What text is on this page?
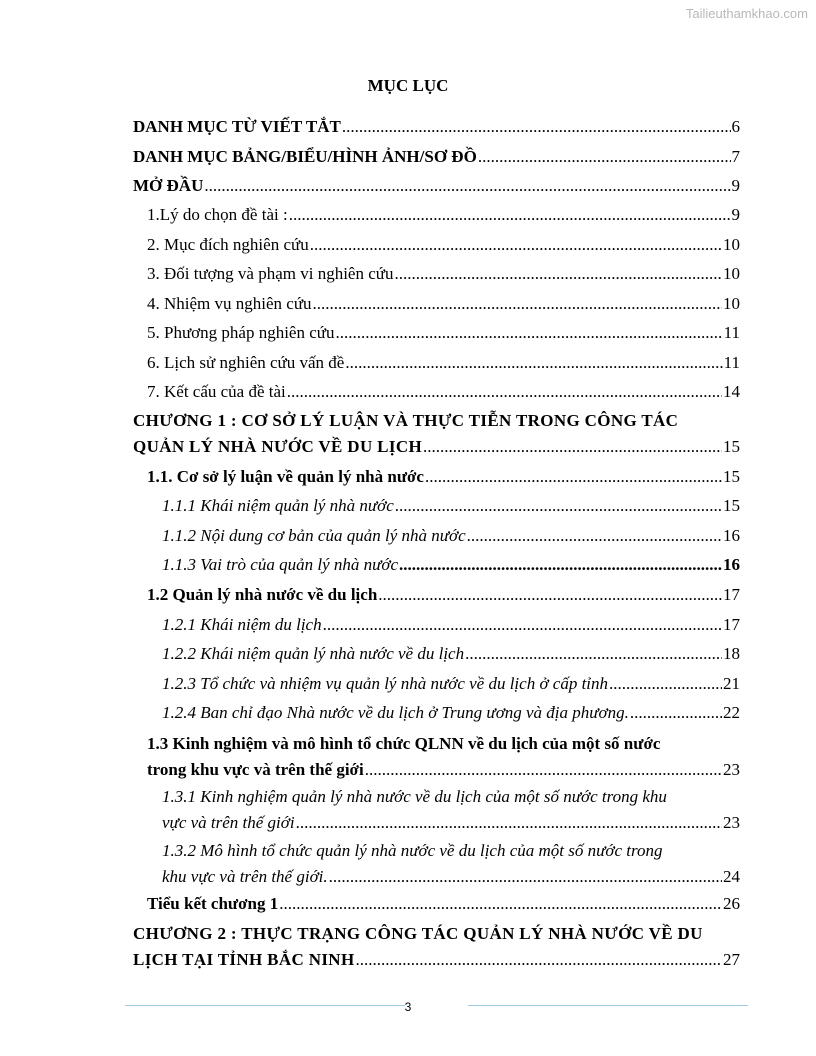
Tailieuthamkhao.com
MỤC LỤC
DANH MỤC TỪ VIẾT TẮT .....	6
DANH MỤC BẢNG/BIỂU/HÌNH ẢNH/SƠ ĐỒ .....	7
MỞ ĐẦU .....	9
1.Lý do chọn đề tài : .....	9
2. Mục đích nghiên cứu .....	10
3. Đối tượng và phạm vi nghiên cứu .....	10
4. Nhiệm vụ nghiên cứu .....	10
5. Phương pháp nghiên cứu .....	11
6. Lịch sử nghiên cứu vấn đề .....	11
7. Kết cấu của đề tài .....	14
CHƯƠNG 1 : CƠ SỞ LÝ LUẬN VÀ THỰC TIỄN TRONG CÔNG TÁC
QUẢN LÝ NHÀ NƯỚC VỀ DU LỊCH .....	15
1.1. Cơ sở lý luận về quản lý nhà nước .....	15
1.1.1 Khái niệm quản lý nhà nước .....	15
1.1.2 Nội dung cơ bản của quản lý nhà nước .....	16
1.1.3 Vai trò của quản lý nhà nước .....	16
1.2 Quản lý nhà nước về du lịch .....	17
1.2.1 Khái niệm du lịch .....	17
1.2.2 Khái niệm quản lý nhà nước về du lịch .....	18
1.2.3 Tổ chức và nhiệm vụ quản lý nhà nước về du lịch ở cấp tỉnh .....	21
1.2.4 Ban chỉ đạo Nhà nước về du lịch ở Trung ương và địa phương. .....	22
1.3 Kinh nghiệm và mô hình tổ chức QLNN về du lịch của một số nước
trong khu vực và trên thế giới .....	23
1.3.1 Kinh nghiệm quản lý nhà nước về du lịch của một số nước trong khu
vực và trên thế giới .....	23
1.3.2 Mô hình tổ chức quản lý nhà nước về du lịch của một số nước trong
khu vực và trên thế giới. .....	24
Tiểu kết chương 1 .....	26
CHƯƠNG 2 : THỰC TRẠNG CÔNG TÁC QUẢN LÝ NHÀ NƯỚC VỀ DU
LỊCH TẠI TỈNH BẮC NINH .....	27
3
